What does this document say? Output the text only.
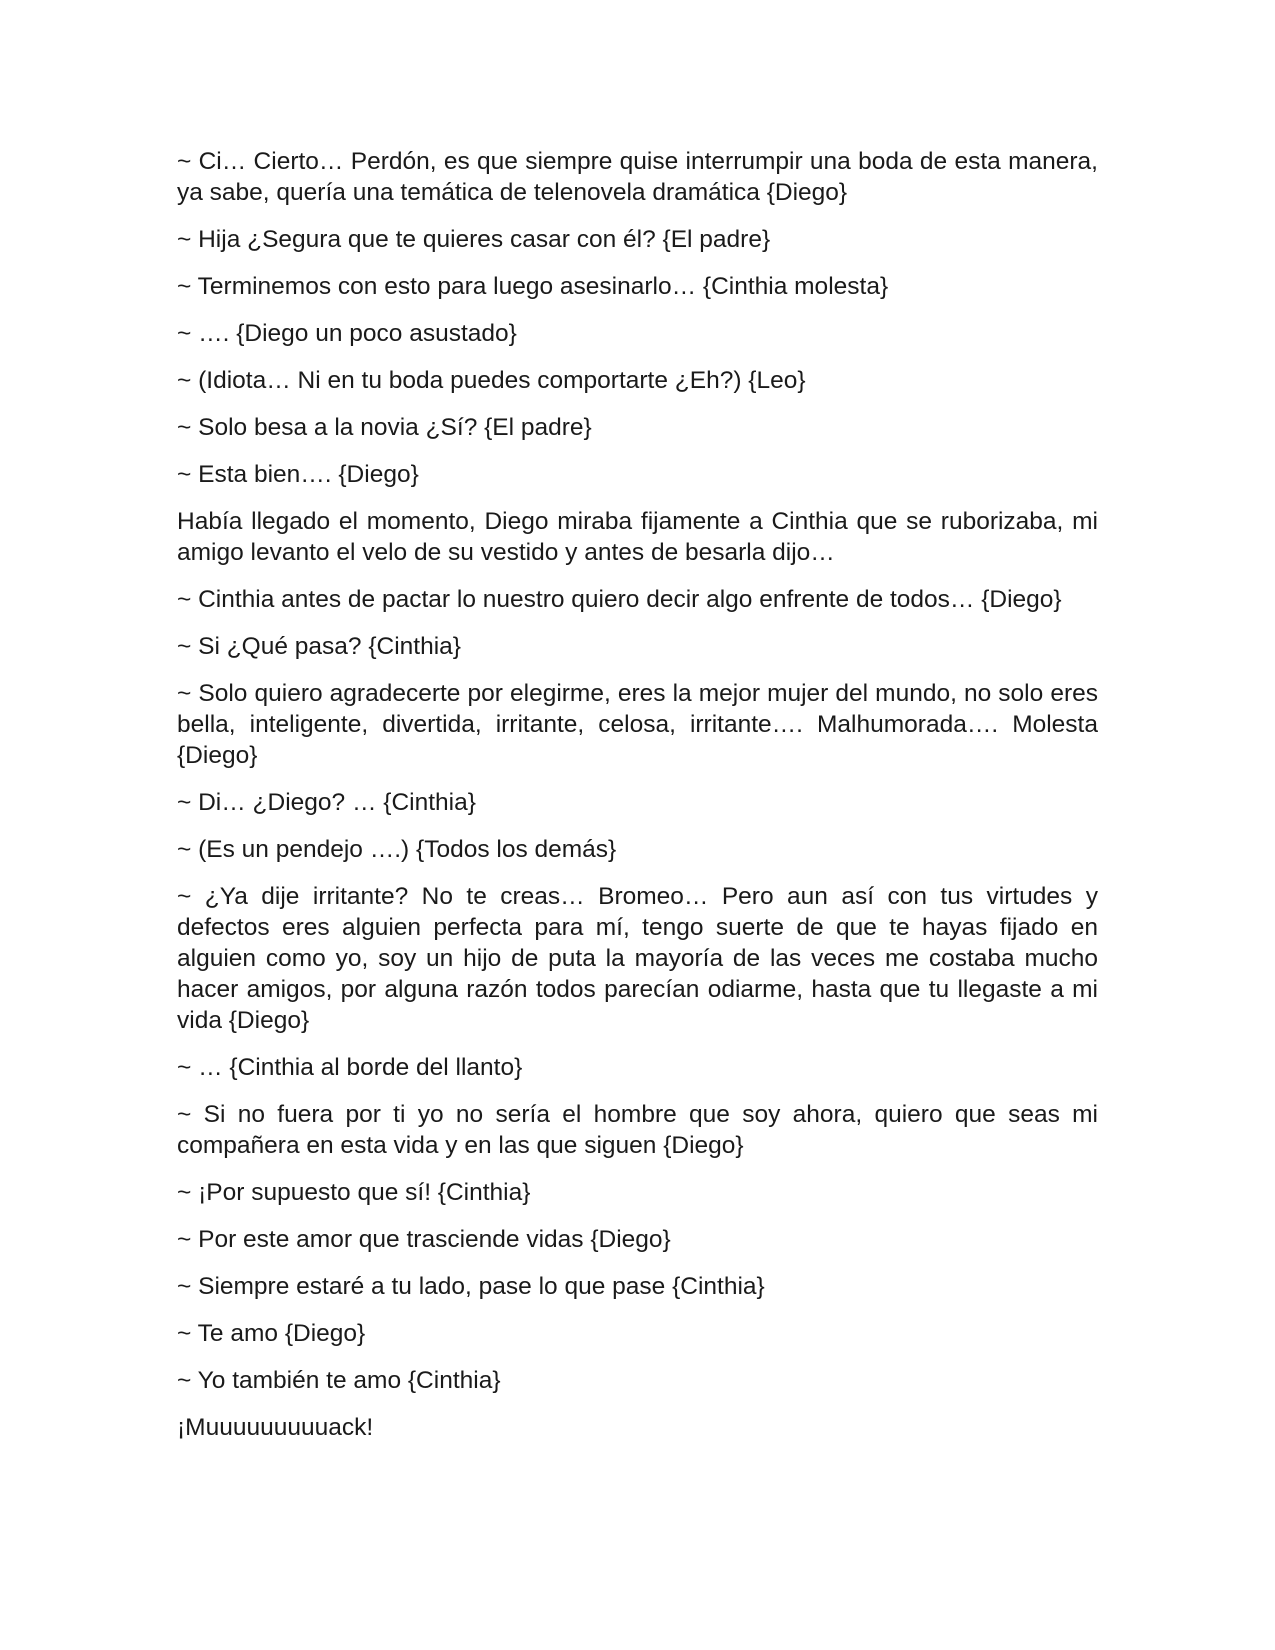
~ Ci… Cierto… Perdón, es que siempre quise interrumpir una boda de esta manera, ya sabe, quería una temática de telenovela dramática {Diego}

~ Hija ¿Segura que te quieres casar con él? {El padre}

~ Terminemos con esto para luego asesinarlo… {Cinthia molesta}

~ …. {Diego un poco asustado}

~ (Idiota… Ni en tu boda puedes comportarte ¿Eh?) {Leo}

~ Solo besa a la novia ¿Sí? {El padre}

~ Esta bien…. {Diego}

Había llegado el momento, Diego miraba fijamente a Cinthia que se ruborizaba, mi amigo levanto el velo de su vestido y antes de besarla dijo…

~ Cinthia antes de pactar lo nuestro quiero decir algo enfrente de todos… {Diego}

~ Si ¿Qué pasa? {Cinthia}

~ Solo quiero agradecerte por elegirme, eres la mejor mujer del mundo, no solo eres bella, inteligente, divertida, irritante, celosa, irritante…. Malhumorada…. Molesta {Diego}

~ Di… ¿Diego? … {Cinthia}

~ (Es un pendejo ….) {Todos los demás}

~ ¿Ya dije irritante? No te creas… Bromeo… Pero aun así con tus virtudes y defectos eres alguien perfecta para mí, tengo suerte de que te hayas fijado en alguien como yo, soy un hijo de puta la mayoría de las veces me costaba mucho hacer amigos, por alguna razón todos parecían odiarme, hasta que tu llegaste a mi vida {Diego}

~ … {Cinthia al borde del llanto}

~ Si no fuera por ti yo no sería el hombre que soy ahora, quiero que seas mi compañera en esta vida y en las que siguen {Diego}

~ ¡Por supuesto que sí! {Cinthia}

~ Por este amor que trasciende vidas {Diego}

~ Siempre estaré a tu lado, pase lo que pase {Cinthia}

~ Te amo {Diego}

~ Yo también te amo {Cinthia}

¡Muuuuuuuuuack!
